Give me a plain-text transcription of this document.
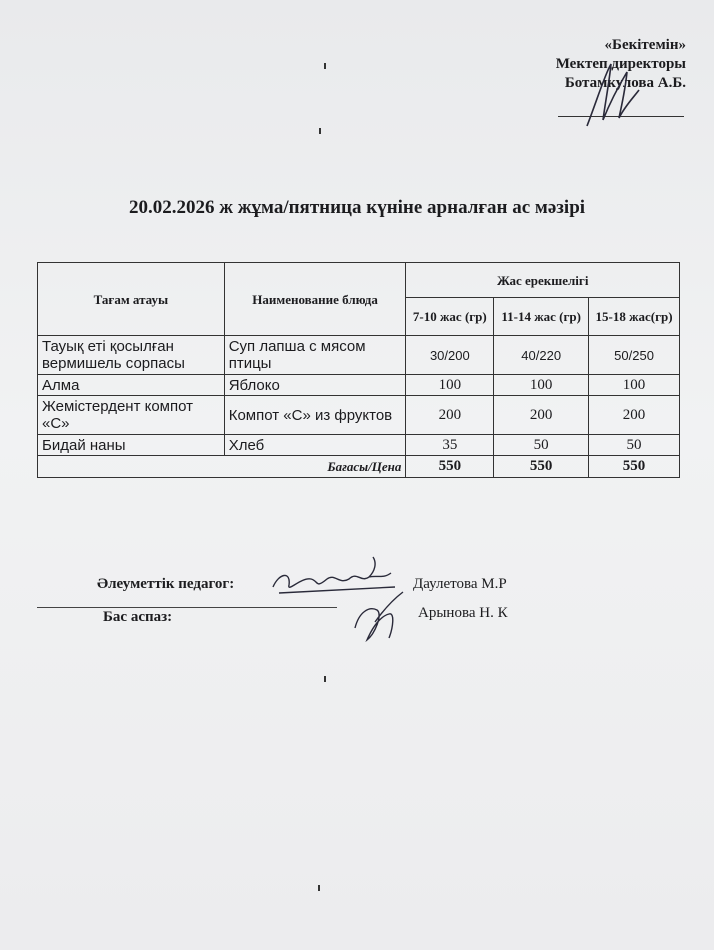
«Бекітемін»
Мектеп директоры
Ботамкулова А.Б.
20.02.2026 ж жұма/пятница күніне арналған ас мәзірі
Тағам атауы	Наименование блюда	Жас ерекшелігі		
		7-10 жас (гр)	11-14 жас (гр)	15-18 жас(гр)
Тауық еті қосылған вермишель сорпасы	Суп лапша с мясом птицы	30/200	40/220	50/250
Алма	Яблоко	100	100	100
Жемістердент компот «С»	Компот «С» из фруктов	200	200	200
Бидай наны	Хлеб	35	50	50
Бағасы/Цена		550	550	550
Әлеуметтік педагог:	Даулетова М.Р
Бас аспаз:	Арынова Н. К
